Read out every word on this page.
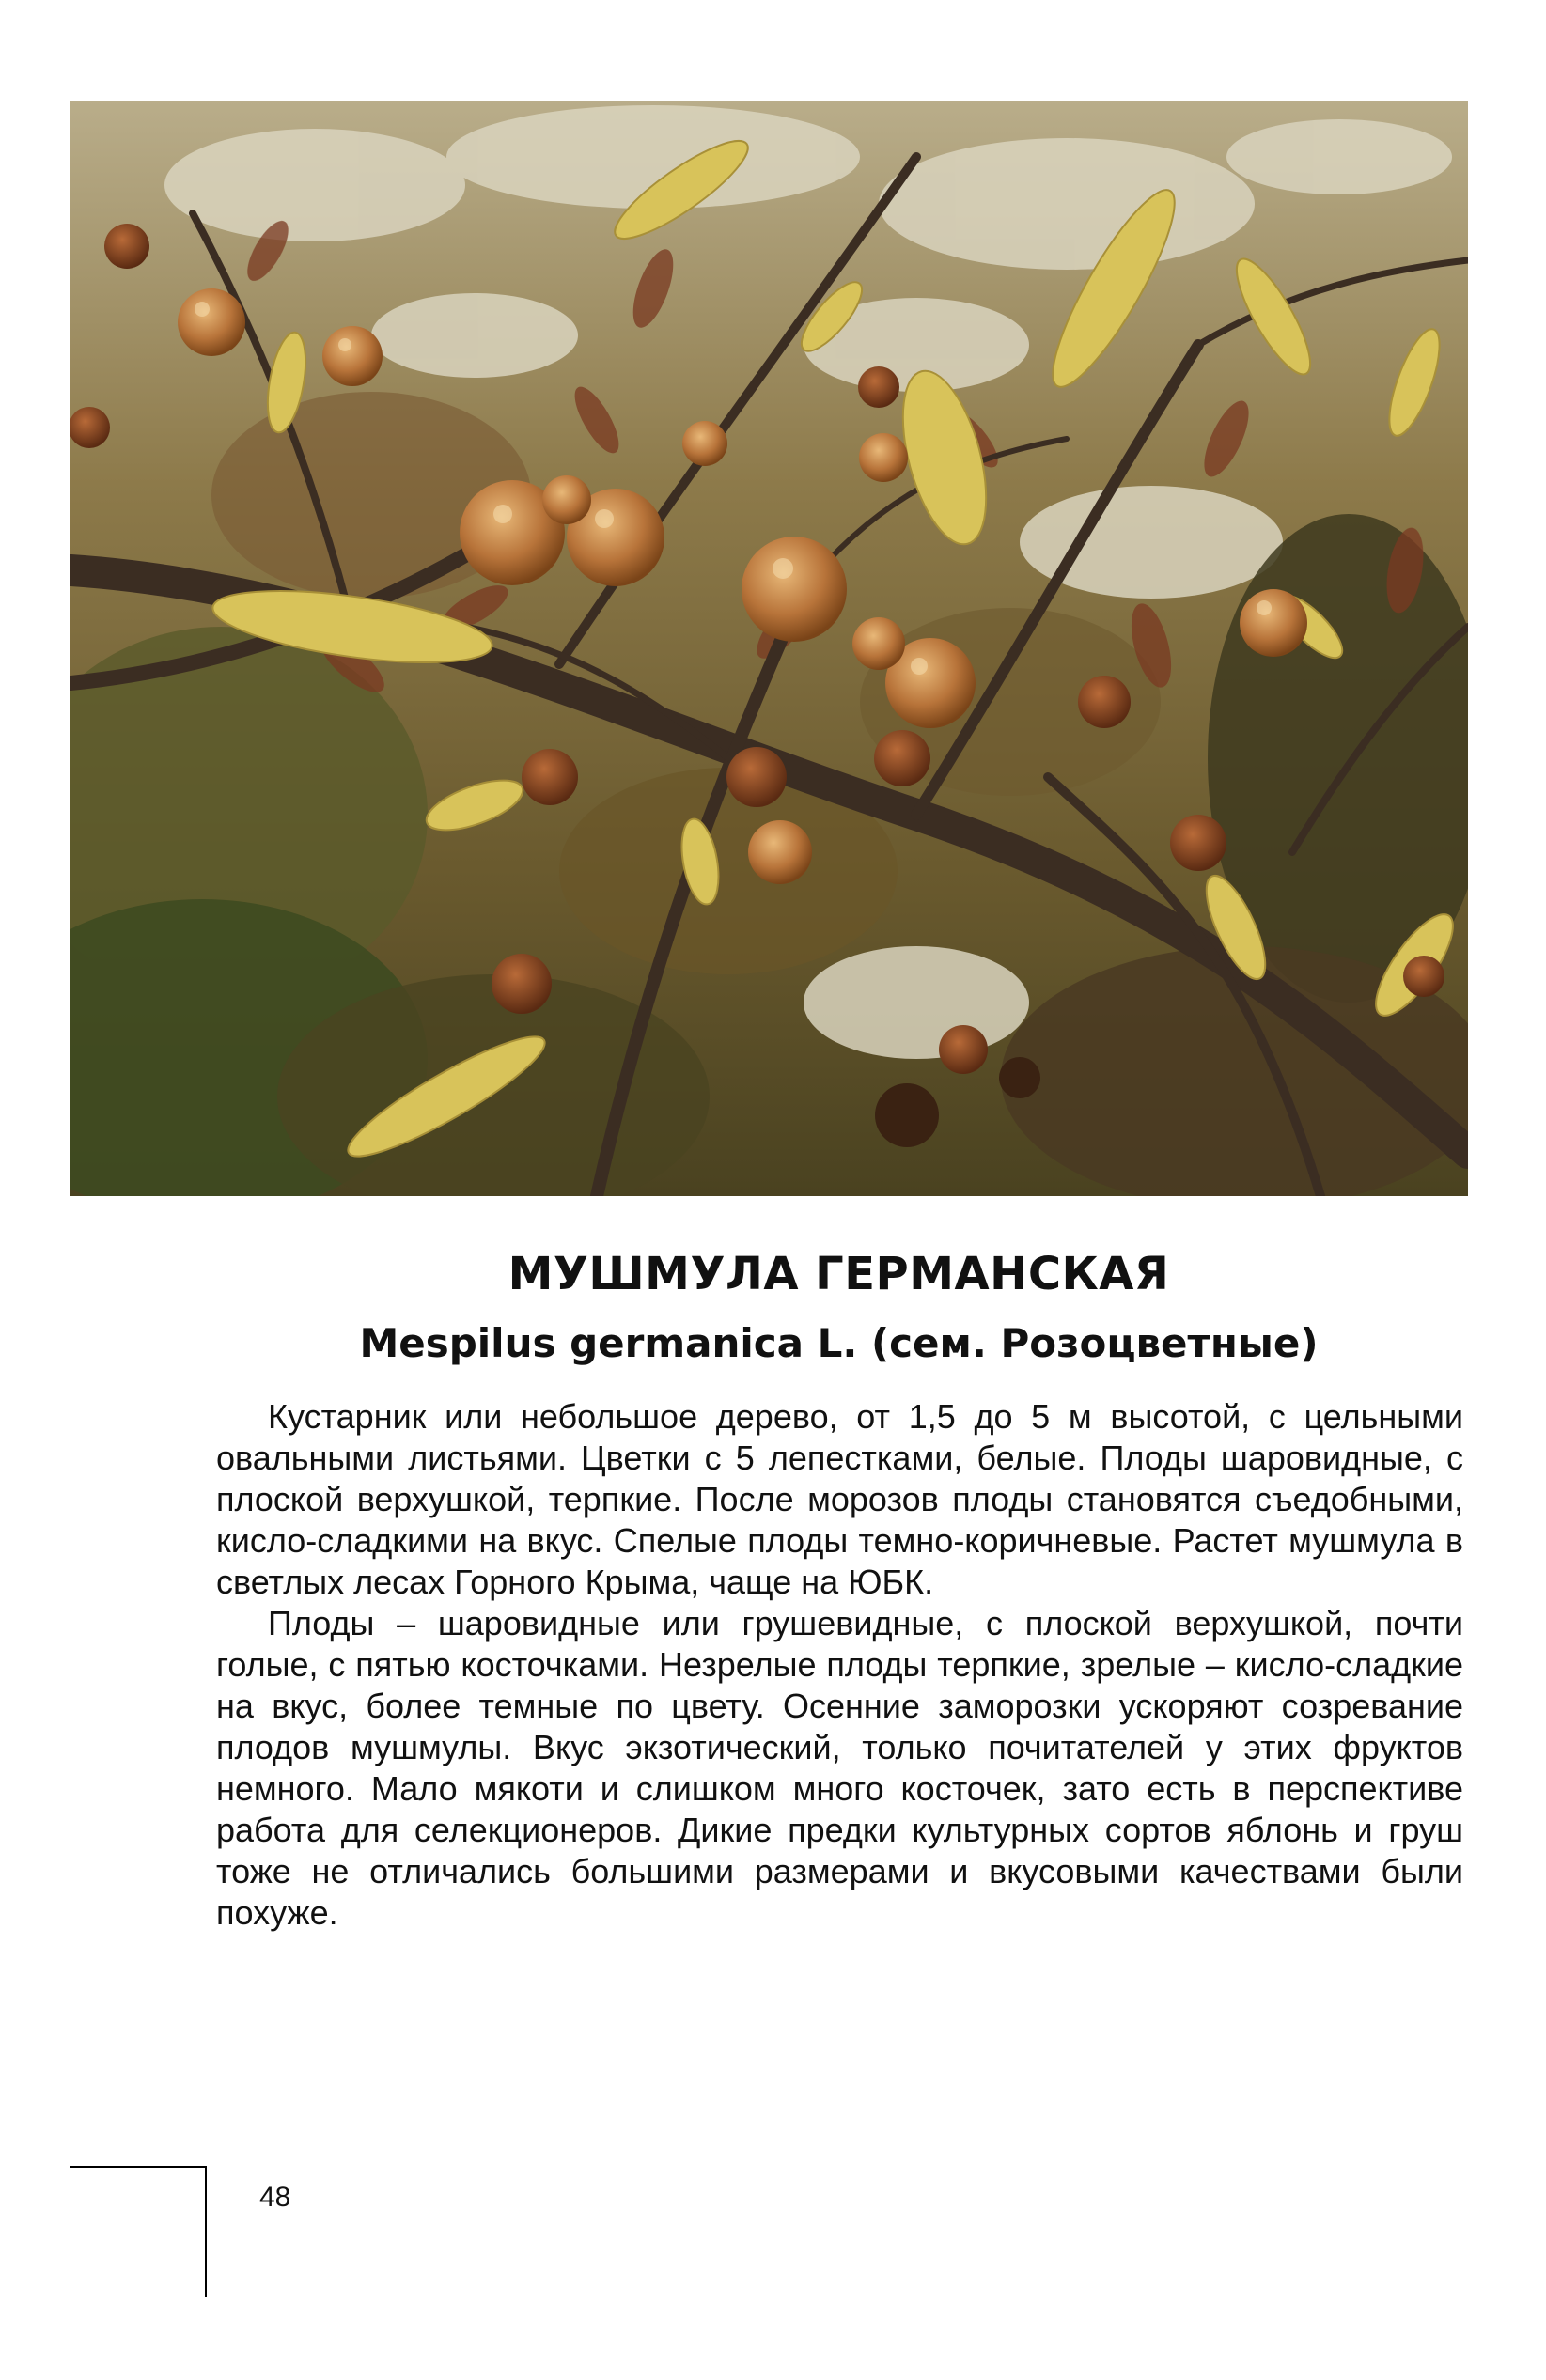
МУШМУЛА ГЕРМАНСКАЯ
Mespilus germanica L. (сем. Розоцветные)

Кустарник или небольшое дерево, от 1,5 до 5 м высотой, с цельными овальными листьями. Цветки с 5 лепестками, белые. Плоды шаровидные, с плоской верхушкой, терпкие. После морозов плоды становятся съедобными, кисло-сладкими на вкус. Спелые плоды темно-коричневые. Растет мушмула в светлых лесах Горного Крыма, чаще на ЮБК.

Плоды – шаровидные или грушевидные, с плоской верхушкой, почти голые, с пятью косточками. Незрелые плоды терпкие, зрелые – кисло-сладкие на вкус, более темные по цвету. Осенние заморозки ускоряют созревание плодов мушмулы. Вкус экзотический, только почитателей у этих фруктов немного. Мало мякоти и слишком много косточек, зато есть в перспективе работа для селекционеров. Дикие предки культурных сортов яблонь и груш тоже не отличались большими размерами и вкусовыми качествами были похуже.

48
